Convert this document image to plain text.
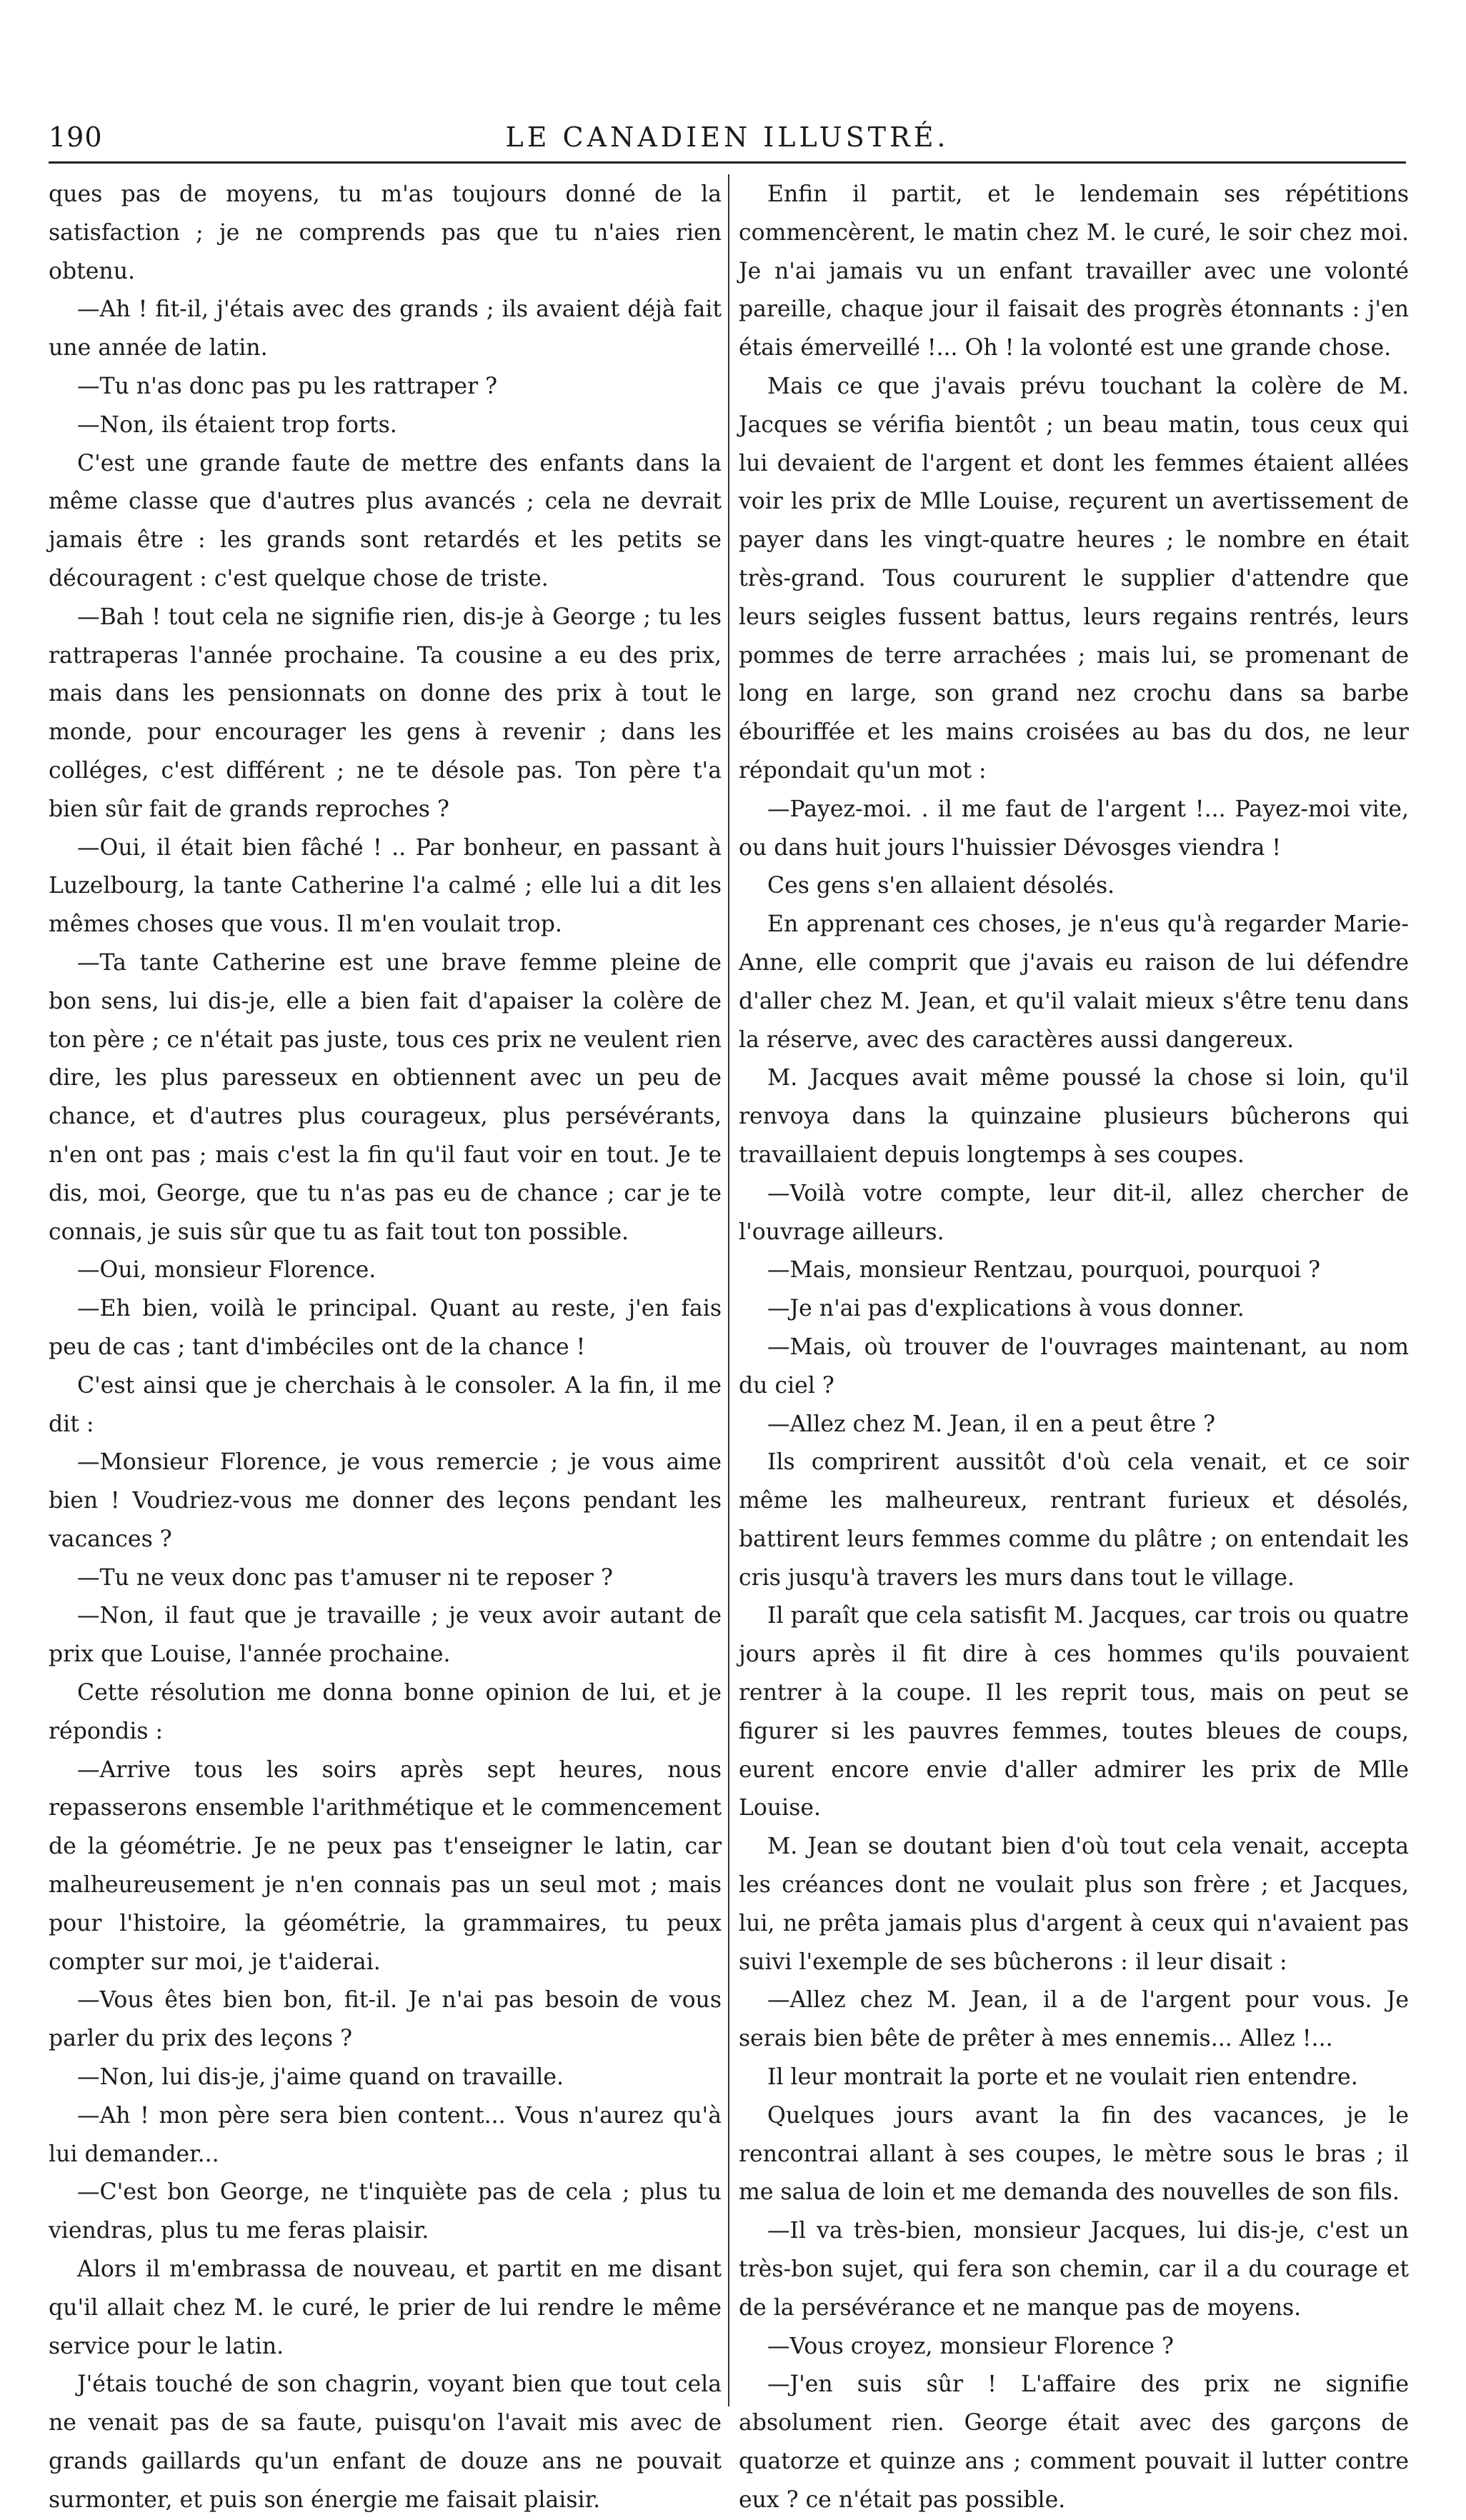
190	LE CANADIEN ILLUSTRÉ.

ques pas de moyens, tu m'as toujours donné de la satisfaction ; je ne comprends pas que tu n'aies rien obtenu.

—Ah ! fit-il, j'étais avec des grands ; ils avaient déjà fait une année de latin.

—Tu n'as donc pas pu les rattraper ?

—Non, ils étaient trop forts.

C'est une grande faute de mettre des enfants dans la même classe que d'autres plus avancés ; cela ne devrait jamais être : les grands sont retardés et les petits se découragent : c'est quelque chose de triste.

—Bah ! tout cela ne signifie rien, dis-je à George ; tu les rattraperas l'année prochaine. Ta cousine a eu des prix, mais dans les pensionnats on donne des prix à tout le monde, pour encourager les gens à revenir ; dans les colléges, c'est différent ; ne te désole pas. Ton père t'a bien sûr fait de grands reproches ?

—Oui, il était bien fâché ! .. Par bonheur, en passant à Luzelbourg, la tante Catherine l'a calmé ; elle lui a dit les mêmes choses que vous. Il m'en voulait trop.

—Ta tante Catherine est une brave femme pleine de bon sens, lui dis-je, elle a bien fait d'apaiser la colère de ton père ; ce n'était pas juste, tous ces prix ne veulent rien dire, les plus paresseux en obtiennent avec un peu de chance, et d'autres plus courageux, plus persévérants, n'en ont pas ; mais c'est la fin qu'il faut voir en tout. Je te dis, moi, George, que tu n'as pas eu de chance ; car je te connais, je suis sûr que tu as fait tout ton possible.

—Oui, monsieur Florence.

—Eh bien, voilà le principal. Quant au reste, j'en fais peu de cas ; tant d'imbéciles ont de la chance !

C'est ainsi que je cherchais à le consoler. A la fin, il me dit :

—Monsieur Florence, je vous remercie ; je vous aime bien ! Voudriez-vous me donner des leçons pendant les vacances ?

—Tu ne veux donc pas t'amuser ni te reposer ?

—Non, il faut que je travaille ; je veux avoir autant de prix que Louise, l'année prochaine.

Cette résolution me donna bonne opinion de lui, et je répondis :

—Arrive tous les soirs après sept heures, nous repasserons ensemble l'arithmétique et le commencement de la géométrie. Je ne peux pas t'enseigner le latin, car malheureusement je n'en connais pas un seul mot ; mais pour l'histoire, la géométrie, la grammaires, tu peux compter sur moi, je t'aiderai.

—Vous êtes bien bon, fit-il. Je n'ai pas besoin de vous parler du prix des leçons ?

—Non, lui dis-je, j'aime quand on travaille.

—Ah ! mon père sera bien content... Vous n'aurez qu'à lui demander...

—C'est bon George, ne t'inquiète pas de cela ; plus tu viendras, plus tu me feras plaisir.

Alors il m'embrassa de nouveau, et partit en me disant qu'il allait chez M. le curé, le prier de lui rendre le même service pour le latin.

J'étais touché de son chagrin, voyant bien que tout cela ne venait pas de sa faute, puisqu'on l'avait mis avec de grands gaillards qu'un enfant de douze ans ne pouvait surmonter, et puis son énergie me faisait plaisir.

Enfin il partit, et le lendemain ses répétitions commencèrent, le matin chez M. le curé, le soir chez moi. Je n'ai jamais vu un enfant travailler avec une volonté pareille, chaque jour il faisait des progrès étonnants : j'en étais émerveillé !... Oh ! la volonté est une grande chose.

Mais ce que j'avais prévu touchant la colère de M. Jacques se vérifia bientôt ; un beau matin, tous ceux qui lui devaient de l'argent et dont les femmes étaient allées voir les prix de Mlle Louise, reçurent un avertissement de payer dans les vingt-quatre heures ; le nombre en était très-grand. Tous coururent le supplier d'attendre que leurs seigles fussent battus, leurs regains rentrés, leurs pommes de terre arrachées ; mais lui, se promenant de long en large, son grand nez crochu dans sa barbe ébouriffée et les mains croisées au bas du dos, ne leur répondait qu'un mot :

—Payez-moi. . il me faut de l'argent !... Payez-moi vite, ou dans huit jours l'huissier Dévosges viendra !

Ces gens s'en allaient désolés.

En apprenant ces choses, je n'eus qu'à regarder Marie-Anne, elle comprit que j'avais eu raison de lui défendre d'aller chez M. Jean, et qu'il valait mieux s'être tenu dans la réserve, avec des caractères aussi dangereux.

M. Jacques avait même poussé la chose si loin, qu'il renvoya dans la quinzaine plusieurs bûcherons qui travaillaient depuis longtemps à ses coupes.

—Voilà votre compte, leur dit-il, allez chercher de l'ouvrage ailleurs.

—Mais, monsieur Rentzau, pourquoi, pourquoi ?

—Je n'ai pas d'explications à vous donner.

—Mais, où trouver de l'ouvrages maintenant, au nom du ciel ?

—Allez chez M. Jean, il en a peut être ?

Ils comprirent aussitôt d'où cela venait, et ce soir même les malheureux, rentrant furieux et désolés, battirent leurs femmes comme du plâtre ; on entendait les cris jusqu'à travers les murs dans tout le village.

Il paraît que cela satisfit M. Jacques, car trois ou quatre jours après il fit dire à ces hommes qu'ils pouvaient rentrer à la coupe. Il les reprit tous, mais on peut se figurer si les pauvres femmes, toutes bleues de coups, eurent encore envie d'aller admirer les prix de Mlle Louise.

M. Jean se doutant bien d'où tout cela venait, accepta les créances dont ne voulait plus son frère ; et Jacques, lui, ne prêta jamais plus d'argent à ceux qui n'avaient pas suivi l'exemple de ses bûcherons : il leur disait :

—Allez chez M. Jean, il a de l'argent pour vous. Je serais bien bête de prêter à mes ennemis... Allez !...

Il leur montrait la porte et ne voulait rien entendre.

Quelques jours avant la fin des vacances, je le rencontrai allant à ses coupes, le mètre sous le bras ; il me salua de loin et me demanda des nouvelles de son fils.

—Il va très-bien, monsieur Jacques, lui dis-je, c'est un très-bon sujet, qui fera son chemin, car il a du courage et de la persévérance et ne manque pas de moyens.

—Vous croyez, monsieur Florence ?

—J'en suis sûr ! L'affaire des prix ne signifie absolument rien. George était avec des garçons de quatorze et quinze ans ; comment pouvait il lutter contre eux ? ce n'était pas possible.
